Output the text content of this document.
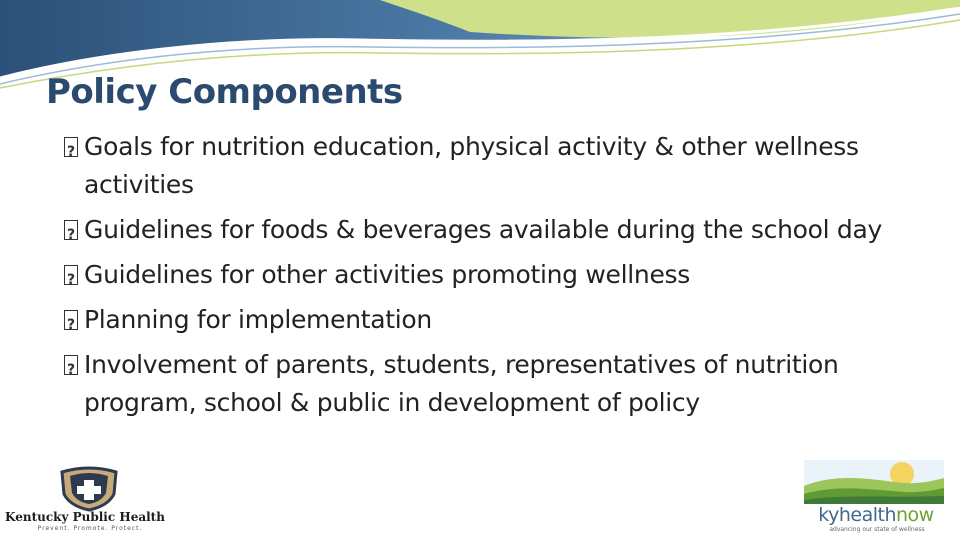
Policy Components
?
Goals for nutrition education, physical activity & other wellness activities
?
Guidelines for foods & beverages available during the school day
?
Guidelines for other activities promoting wellness
?
Planning for implementation
?
Involvement of parents, students, representatives of nutrition program, school & public in development of policy
Kentucky Public Health
Prevent. Promote. Protect.
kyhealthnow
advancing our state of wellness
